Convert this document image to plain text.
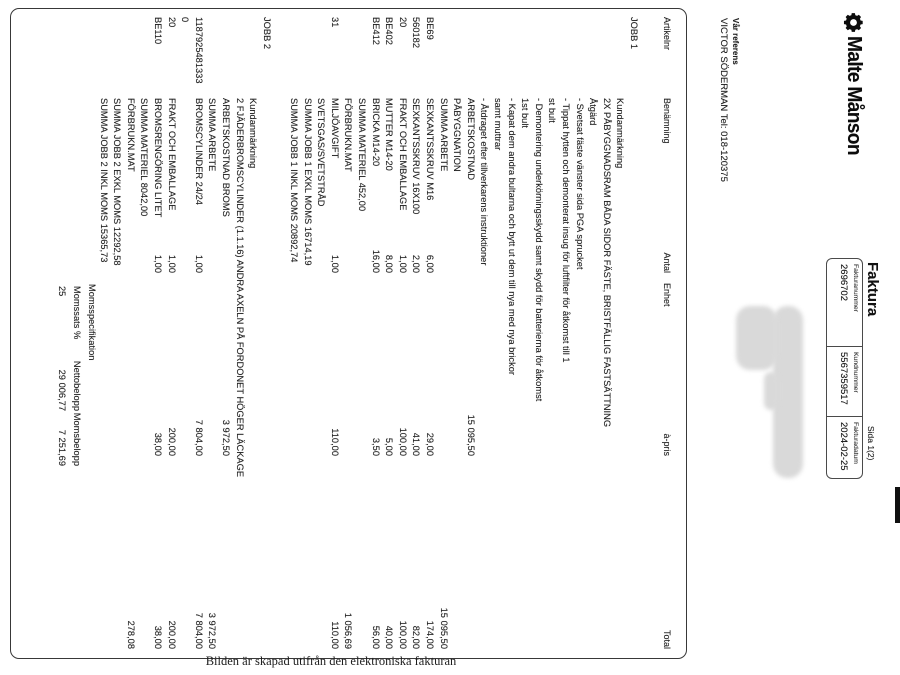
Malte Månson
Faktura
Sida 1(2)
Fakturanummer
2696702
Kundnummer
5567359517
Fakturadatum
2024-02-25
Vår referens
VICTOR SÖDERMAN Tel: 018-120375
Artikelnr
Benämning
Antal
Enhet
à-pris
Total
JOBB 1
Kundanmärkning
2X PÅBYGGNADSRAM BÅDA SIDOR FÄSTE, BRISTFÄLLIG FASTSÄTTNING
Åtgärd
- Svetsat fäste vänster sida PGA sprucket
- Tippat hytten och demonterat insug för luftfilter för åtkomst till 1
st bult
- Demontering underkörningsskydd samt skydd för batterierna för åtkomst
1st bult
- Kapat dem andra bultarna och bytt ut dem till nya med nya brickor
samt muttrar
- Åtdraget efter tillverkarens instruktioner
ARBETSKOSTNAD
15 095,50
PÅBYGGNATION
SUMMA ARBETE
15 095,50
BE69
SEXKANTSSKRUV M16
6,00
29,00
174,00
560182
SEXKANTSSKRUV 16X100
2,00
41,00
82,00
20
FRAKT OCH EMBALLAGE
1,00
100,00
100,00
BE402
MUTTER M14-20
8,00
5,00
40,00
BE412
BRICKA M14-20
16,00
3,50
56,00
SUMMA MATERIEL 452,00
FÖRBRUKN.MAT
1 056,69
31
MILJÖAVGIFT
1,00
110,00
110,00
SVETSGAS/SVETSTRÅD
SUMMA JOBB 1 EXKL MOMS 16714,19
SUMMA JOBB 1 INKL MOMS 20892,74
JOBB 2
Kundanmärkning
2 FJÄDERBROMSCYLINDER (1.1.16) ANDRA AXELN PÅ FORDONET HÖGER LÄCKAGE
ARBETSKOSTNAD BROMS
3 972,50
SUMMA ARBETE
3 972,50
1187925481333
BROMSCYLINDER 24/24
1,00
7 804,00
7 804,00
0
20
FRAKT OCH EMBALLAGE
1,00
200,00
200,00
BE110
BROMSRENGÖRING LITET
1,00
38,00
38,00
SUMMA MATERIEL 8042,00
FÖRBRUKN.MAT
278,08
SUMMA JOBB 2 EXKL MOMS 12292,58
SUMMA JOBB 2 INKL MOMS 15365,73
Momsspecifikation
Momssats %
Nettobelopp
Momsbelopp
25
29 006,77
7 251,69
Bilden är skapad utifrån den elektroniska fakturan
